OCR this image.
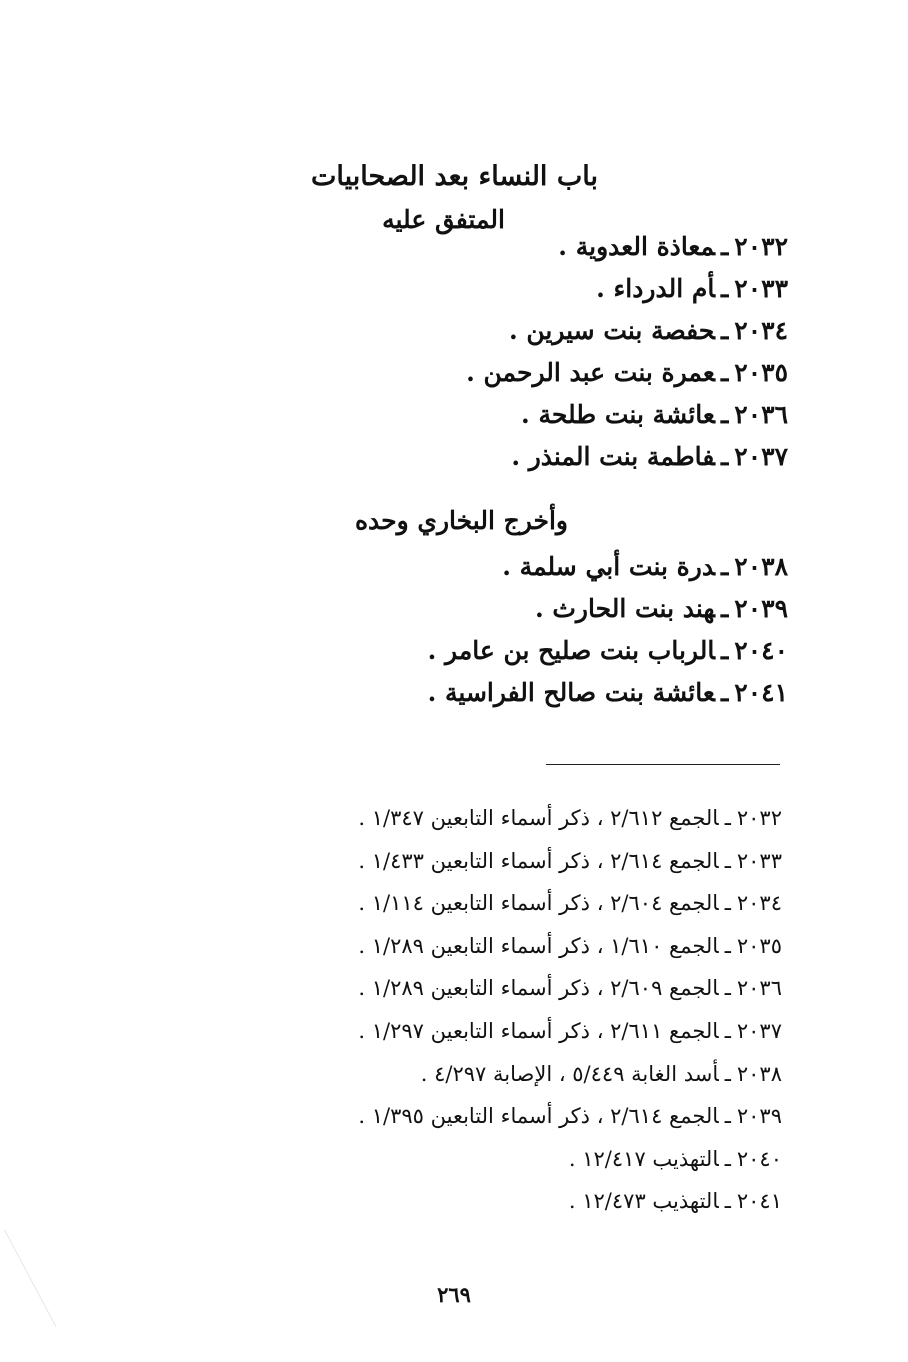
باب النساء بعد الصحابيات
المتفق عليه
٢٠٣٢ـمعاذة العدوية .
٢٠٣٣ـأم الدرداء .
٢٠٣٤ـحفصة بنت سيرين .
٢٠٣٥ـعمرة بنت عبد الرحمن .
٢٠٣٦ـعائشة بنت طلحة .
٢٠٣٧ـفاطمة بنت المنذر .
وأخرج البخاري وحده
٢٠٣٨ـدرة بنت أبي سلمة .
٢٠٣٩ـهند بنت الحارث .
٢٠٤٠ـالرباب بنت صليح بن عامر .
٢٠٤١ـعائشة بنت صالح الفراسية .
٢٠٣٢ـالجمع ٢/٦١٢ ، ذكر أسماء التابعين ١/٣٤٧ .
٢٠٣٣ـالجمع ٢/٦١٤ ، ذكر أسماء التابعين ١/٤٣٣ .
٢٠٣٤ـالجمع ٢/٦٠٤ ، ذكر أسماء التابعين ١/١١٤ .
٢٠٣٥ـالجمع ١/٦١٠ ، ذكر أسماء التابعين ١/٢٨٩ .
٢٠٣٦ـالجمع ٢/٦٠٩ ، ذكر أسماء التابعين ١/٢٨٩ .
٢٠٣٧ـالجمع ٢/٦١١ ، ذكر أسماء التابعين ١/٢٩٧ .
٢٠٣٨ـأسد الغابة ٥/٤٤٩ ، الإصابة ٤/٢٩٧ .
٢٠٣٩ـالجمع ٢/٦١٤ ، ذكر أسماء التابعين ١/٣٩٥ .
٢٠٤٠ـالتهذيب ١٢/٤١٧ .
٢٠٤١ـالتهذيب ١٢/٤٧٣ .
٢٦٩
